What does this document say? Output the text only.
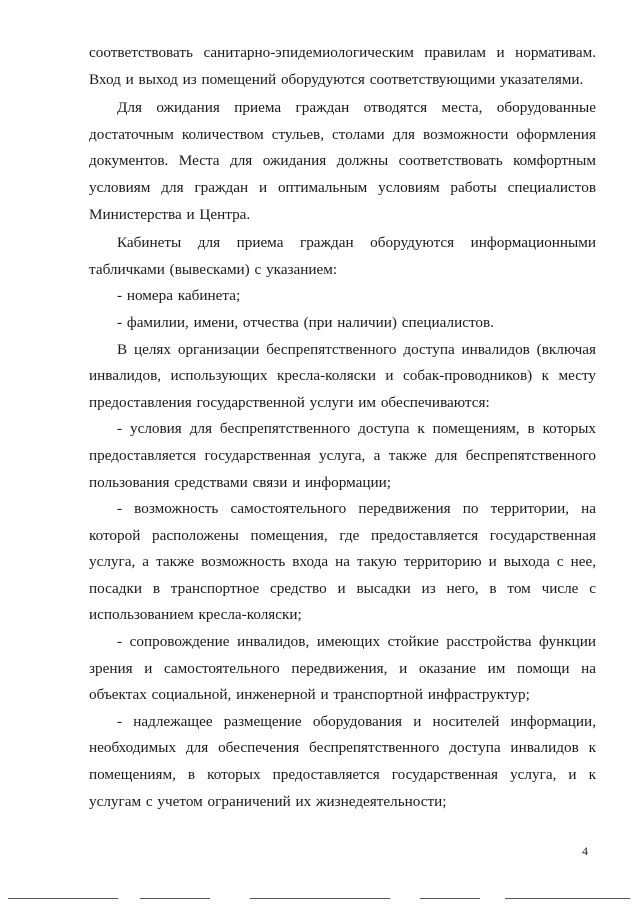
соответствовать санитарно-эпидемиологическим правилам и нормативам. Вход и выход из помещений оборудуются соответствующими указателями.

Для ожидания приема граждан отводятся места, оборудованные достаточным количеством стульев, столами для возможности оформления документов. Места для ожидания должны соответствовать комфортным условиям для граждан и оптимальным условиям работы специалистов Министерства и Центра.

Кабинеты для приема граждан оборудуются информационными табличками (вывесками) с указанием:

- номера кабинета;

- фамилии, имени, отчества (при наличии) специалистов.

В целях организации беспрепятственного доступа инвалидов (включая инвалидов, использующих кресла-коляски и собак-проводников) к месту предоставления государственной услуги им обеспечиваются:

- условия для беспрепятственного доступа к помещениям, в которых предоставляется государственная услуга, а также для беспрепятственного пользования средствами связи и информации;

- возможность самостоятельного передвижения по территории, на которой расположены помещения, где предоставляется государственная услуга, а также возможность входа на такую территорию и выхода с нее, посадки в транспортное средство и высадки из него, в том числе с использованием кресла-коляски;

- сопровождение инвалидов, имеющих стойкие расстройства функции зрения и самостоятельного передвижения, и оказание им помощи на объектах социальной, инженерной и транспортной инфраструктур;

- надлежащее размещение оборудования и носителей информации, необходимых для обеспечения беспрепятственного доступа инвалидов к помещениям, в которых предоставляется государственная услуга, и к услугам с учетом ограничений их жизнедеятельности;

4
